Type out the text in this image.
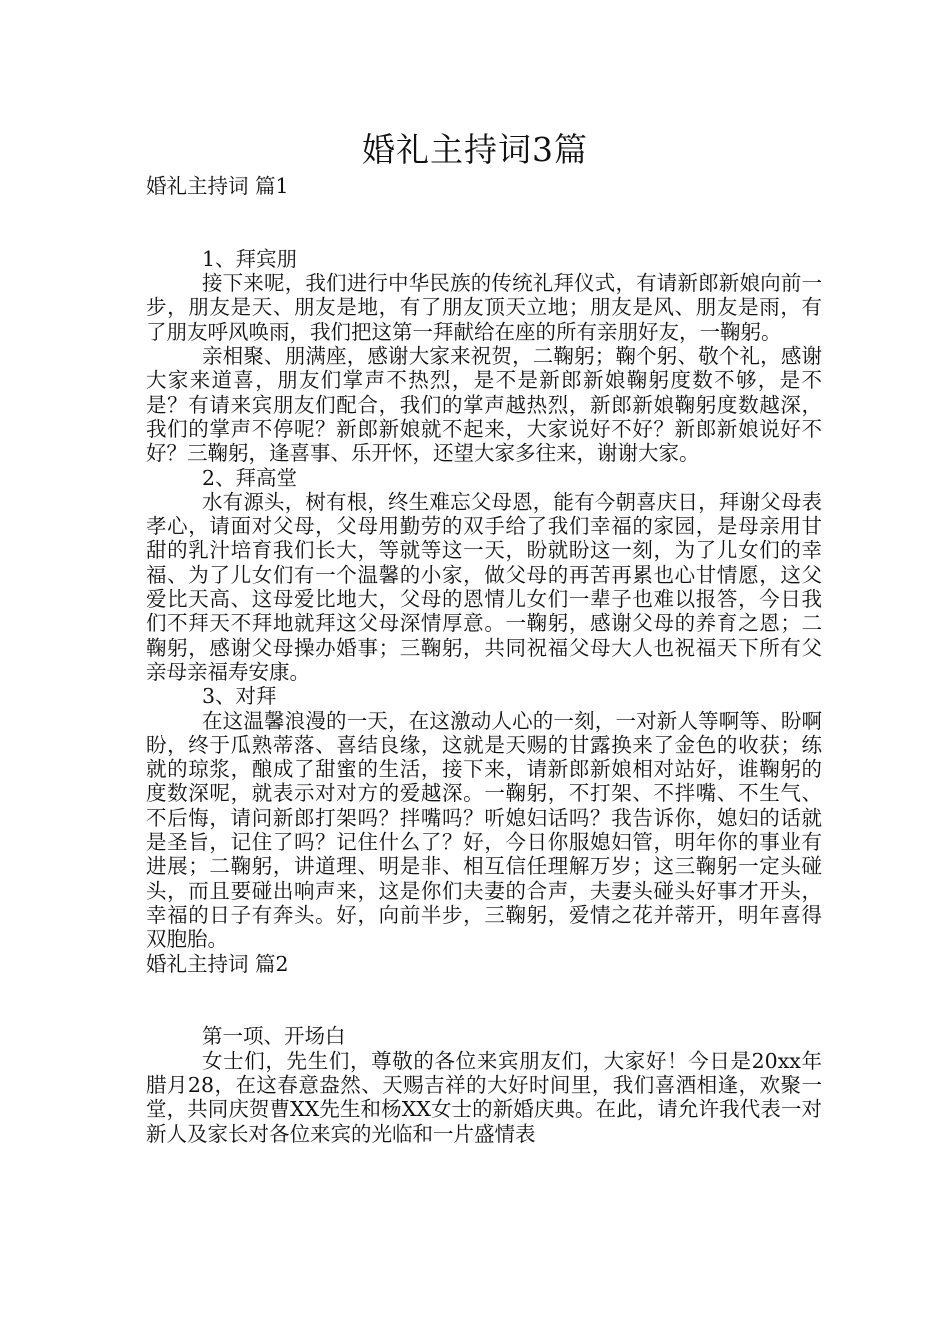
婚礼主持词3篇

婚礼主持词 篇1

1、拜宾朋

接下来呢，我们进行中华民族的传统礼拜仪式，有请新郎新娘向前一步，朋友是天、朋友是地，有了朋友顶天立地；朋友是风、朋友是雨，有了朋友呼风唤雨，我们把这第一拜献给在座的所有亲朋好友，一鞠躬。

亲相聚、朋满座，感谢大家来祝贺，二鞠躬；鞠个躬、敬个礼，感谢大家来道喜，朋友们掌声不热烈，是不是新郎新娘鞠躬度数不够，是不是？有请来宾朋友们配合，我们的掌声越热烈，新郎新娘鞠躬度数越深，我们的掌声不停呢？新郎新娘就不起来，大家说好不好？新郎新娘说好不好？三鞠躬，逢喜事、乐开怀，还望大家多往来，谢谢大家。

2、拜高堂

水有源头，树有根，终生难忘父母恩，能有今朝喜庆日，拜谢父母表孝心，请面对父母，父母用勤劳的双手给了我们幸福的家园，是母亲用甘甜的乳汁培育我们长大，等就等这一天，盼就盼这一刻，为了儿女们的幸福、为了儿女们有一个温馨的小家，做父母的再苦再累也心甘情愿，这父爱比天高、这母爱比地大，父母的恩情儿女们一辈子也难以报答，今日我们不拜天不拜地就拜这父母深情厚意。一鞠躬，感谢父母的养育之恩；二鞠躬，感谢父母操办婚事；三鞠躬，共同祝福父母大人也祝福天下所有父亲母亲福寿安康。

3、对拜

在这温馨浪漫的一天，在这激动人心的一刻，一对新人等啊等、盼啊盼，终于瓜熟蒂落、喜结良缘，这就是天赐的甘露换来了金色的收获；练就的琼浆，酿成了甜蜜的生活，接下来，请新郎新娘相对站好，谁鞠躬的度数深呢，就表示对对方的爱越深。一鞠躬，不打架、不拌嘴、不生气、不后悔，请问新郎打架吗？拌嘴吗？听媳妇话吗？我告诉你，媳妇的话就是圣旨，记住了吗？记住什么了？好，今日你服媳妇管，明年你的事业有进展；二鞠躬，讲道理、明是非、相互信任理解万岁；这三鞠躬一定头碰头，而且要碰出响声来，这是你们夫妻的合声，夫妻头碰头好事才开头，幸福的日子有奔头。好，向前半步，三鞠躬，爱情之花并蒂开，明年喜得双胞胎。

婚礼主持词 篇2

第一项、开场白

女士们，先生们，尊敬的各位来宾朋友们，大家好！今日是20xx年腊月28，在这春意盎然、天赐吉祥的大好时间里，我们喜酒相逢，欢聚一堂，共同庆贺曹XX先生和杨XX女士的新婚庆典。在此，请允许我代表一对新人及家长对各位来宾的光临和一片盛情表
